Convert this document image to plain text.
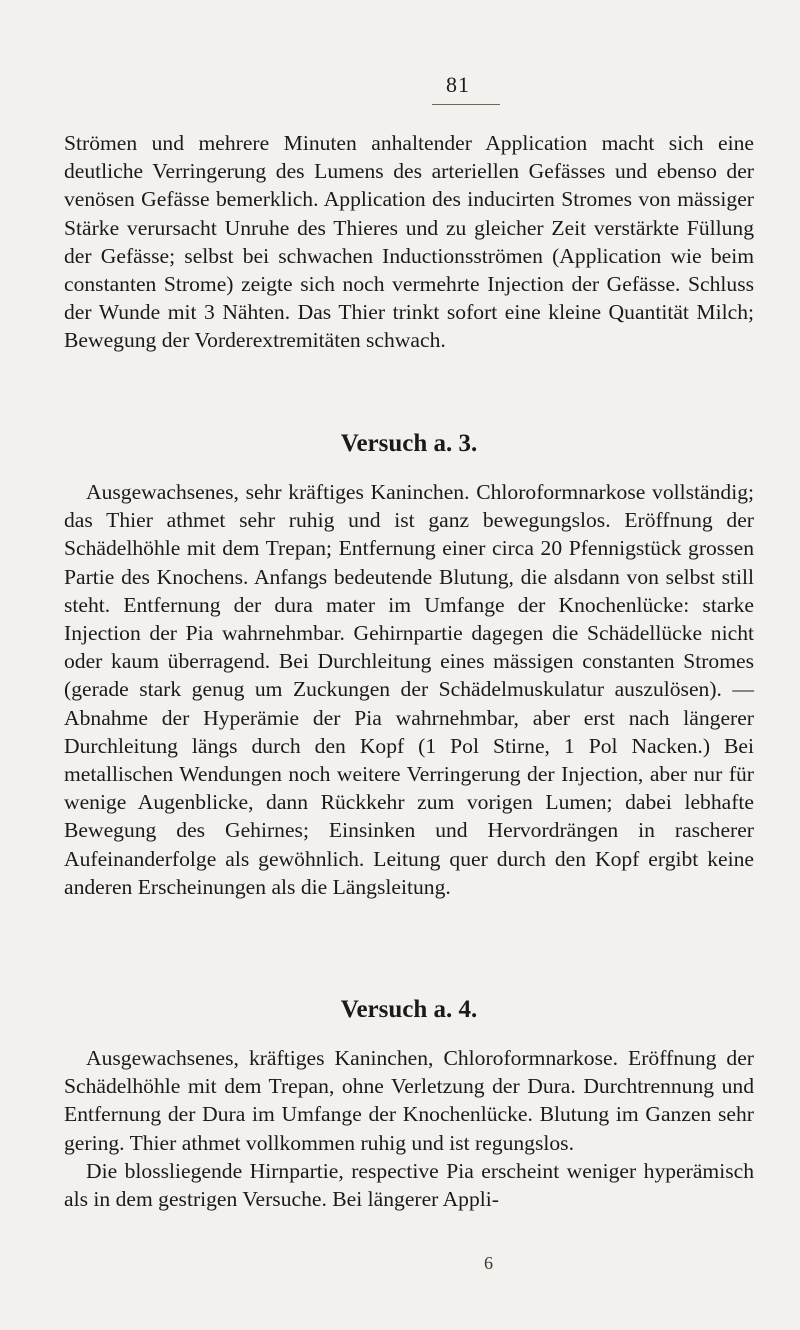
81

Strömen und mehrere Minuten anhaltender Application macht sich eine deutliche Verringerung des Lumens des arteriellen Gefässes und ebenso der venösen Gefässe bemerklich. Application des inducirten Stromes von mässiger Stärke verursacht Unruhe des Thieres und zu gleicher Zeit verstärkte Füllung der Gefässe; selbst bei schwachen Inductionsströmen (Application wie beim constanten Strome) zeigte sich noch vermehrte Injection der Gefässe. Schluss der Wunde mit 3 Nähten. Das Thier trinkt sofort eine kleine Quantität Milch; Bewegung der Vorderextremitäten schwach.

Versuch a. 3.

Ausgewachsenes, sehr kräftiges Kaninchen. Chloroformnarkose vollständig; das Thier athmet sehr ruhig und ist ganz bewegungslos. Eröffnung der Schädelhöhle mit dem Trepan; Entfernung einer circa 20 Pfennigstück grossen Partie des Knochens. Anfangs bedeutende Blutung, die alsdann von selbst still steht. Entfernung der dura mater im Umfange der Knochenlücke: starke Injection der Pia wahrnehmbar. Gehirnpartie dagegen die Schädellücke nicht oder kaum überragend. Bei Durchleitung eines mässigen constanten Stromes (gerade stark genug um Zuckungen der Schädelmuskulatur auszulösen). — Abnahme der Hyperämie der Pia wahrnehmbar, aber erst nach längerer Durchleitung längs durch den Kopf (1 Pol Stirne, 1 Pol Nacken.) Bei metallischen Wendungen noch weitere Verringerung der Injection, aber nur für wenige Augenblicke, dann Rückkehr zum vorigen Lumen; dabei lebhafte Bewegung des Gehirnes; Einsinken und Hervordrängen in rascherer Aufeinanderfolge als gewöhnlich. Leitung quer durch den Kopf ergibt keine anderen Erscheinungen als die Längsleitung.

Versuch a. 4.

Ausgewachsenes, kräftiges Kaninchen, Chloroformnarkose. Eröffnung der Schädelhöhle mit dem Trepan, ohne Verletzung der Dura. Durchtrennung und Entfernung der Dura im Umfange der Knochenlücke. Blutung im Ganzen sehr gering. Thier athmet vollkommen ruhig und ist regungslos.

Die blossliegende Hirnpartie, respective Pia erscheint weniger hyperämisch als in dem gestrigen Versuche. Bei längerer Appli-

6
